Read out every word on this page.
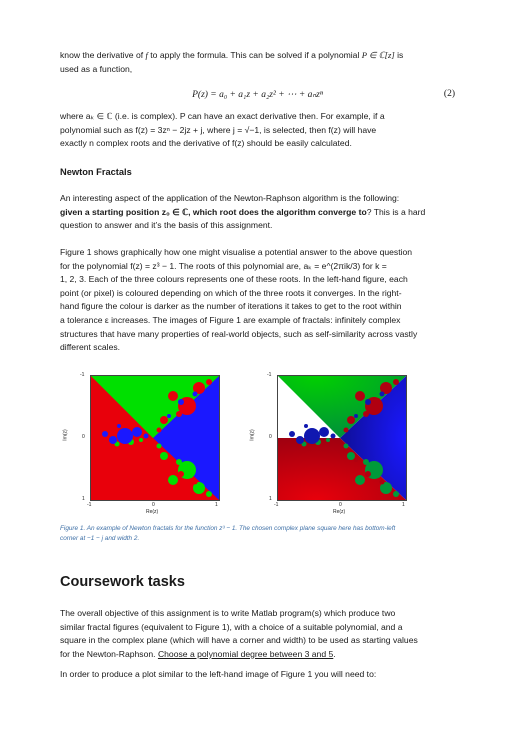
know the derivative of f to apply the formula. This can be solved if a polynomial P ∈ ℂ[z] is
used as a function,

P(z) = a₀ + a₁z + a₂z² + ⋯ + aₙzⁿ	(2)

where aₖ ∈ ℂ (i.e. is complex). P can have an exact derivative then. For example, if a
polynomial such as f(z) = 3zⁿ − 2jz + j, where j = √−1, is selected, then f(z) will have
exactly n complex roots and the derivative of f(z) should be easily calculated.

Newton Fractals

An interesting aspect of the application of the Newton-Raphson algorithm is the following:
given a starting position z₀ ∈ ℂ, which root does the algorithm converge to? This is a hard
question to answer and it’s the basis of this assignment.

Figure 1 shows graphically how one might visualise a potential answer to the above question
for the polynomial f(z) = z³ − 1. The roots of this polynomial are, aₖ = e^(2πik/3) for k =
1, 2, 3. Each of the three colours represents one of these roots. In the left-hand figure, each
point (or pixel) is coloured depending on which of the three roots it converges. In the right-
hand figure the colour is darker as the number of iterations it takes to get to the root within
a tolerance ε increases. The images of Figure 1 are example of fractals: infinitely complex
structures that have many properties of real-world objects, such as self-similarity across vastly
different scales.

-1
0
1
Im(z)
-1	0	1
Re(z)
-1
0
1
Im(z)
-1	0	1
Re(z)

Figure 1. An example of Newton fractals for the function z³ − 1. The chosen complex plane square here has bottom-left
corner at −1 − j and width 2.

Coursework tasks

The overall objective of this assignment is to write Matlab program(s) which produce two
similar fractal figures (equivalent to Figure 1), with a choice of a suitable polynomial, and a
square in the complex plane (which will have a corner and width) to be used as starting values
for the Newton-Raphson. Choose a polynomial degree between 3 and 5.

In order to produce a plot similar to the left-hand image of Figure 1 you will need to:
